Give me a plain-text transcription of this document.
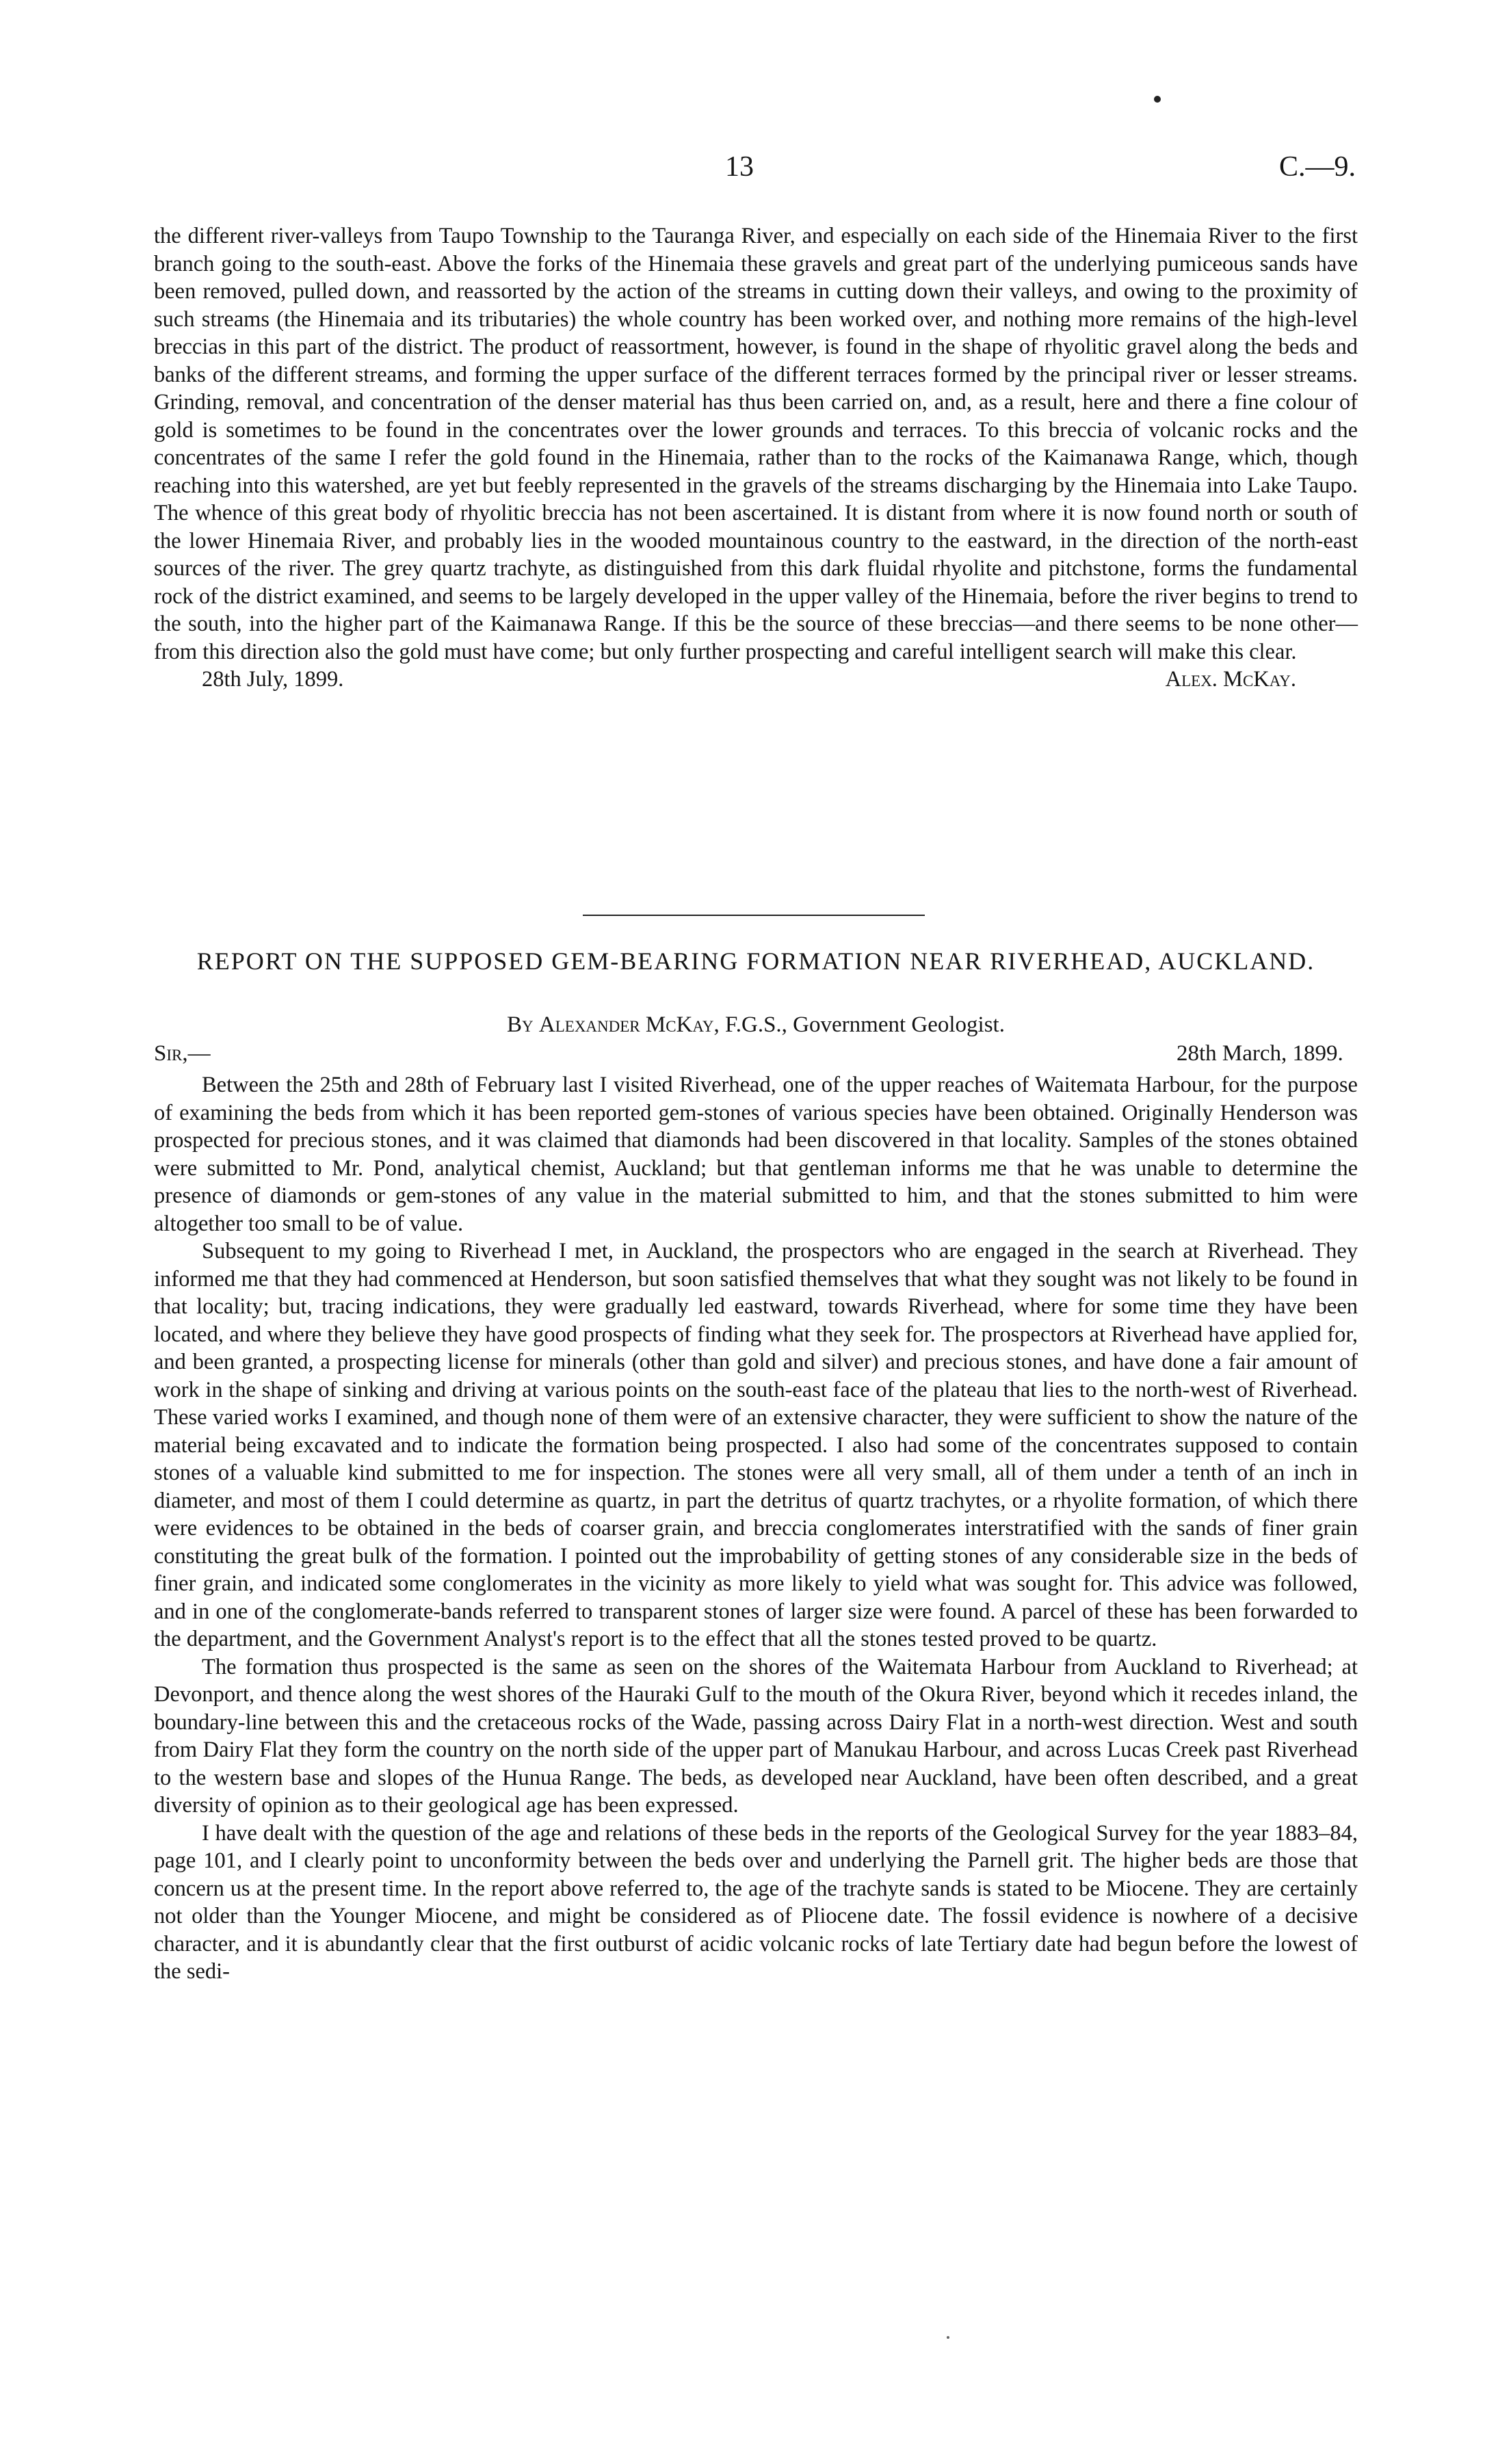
13	C.—9.

the different river-valleys from Taupo Township to the Tauranga River, and especially on each side of the Hinemaia River to the first branch going to the south-east. Above the forks of the Hinemaia these gravels and great part of the underlying pumiceous sands have been removed, pulled down, and reassorted by the action of the streams in cutting down their valleys, and owing to the proximity of such streams (the Hinemaia and its tributaries) the whole country has been worked over, and nothing more remains of the high-level breccias in this part of the district. The product of reassortment, however, is found in the shape of rhyolitic gravel along the beds and banks of the different streams, and forming the upper surface of the different terraces formed by the principal river or lesser streams. Grinding, removal, and concentration of the denser material has thus been carried on, and, as a result, here and there a fine colour of gold is sometimes to be found in the concentrates over the lower grounds and terraces. To this breccia of volcanic rocks and the concentrates of the same I refer the gold found in the Hinemaia, rather than to the rocks of the Kaimanawa Range, which, though reaching into this watershed, are yet but feebly represented in the gravels of the streams discharging by the Hinemaia into Lake Taupo. The whence of this great body of rhyolitic breccia has not been ascertained. It is distant from where it is now found north or south of the lower Hinemaia River, and probably lies in the wooded mountainous country to the eastward, in the direction of the north-east sources of the river. The grey quartz trachyte, as distinguished from this dark fluidal rhyolite and pitchstone, forms the fundamental rock of the district examined, and seems to be largely developed in the upper valley of the Hinemaia, before the river begins to trend to the south, into the higher part of the Kaimanawa Range. If this be the source of these breccias—and there seems to be none other—from this direction also the gold must have come; but only further prospecting and careful intelligent search will make this clear.

28th July, 1899.	Alex. McKay.
REPORT ON THE SUPPOSED GEM-BEARING FORMATION NEAR RIVERHEAD, AUCKLAND.
By Alexander McKay, F.G.S., Government Geologist.
Sir,—	28th March, 1899.

Between the 25th and 28th of February last I visited Riverhead, one of the upper reaches of Waitemata Harbour, for the purpose of examining the beds from which it has been reported gem-stones of various species have been obtained. Originally Henderson was prospected for precious stones, and it was claimed that diamonds had been discovered in that locality. Samples of the stones obtained were submitted to Mr. Pond, analytical chemist, Auckland; but that gentleman informs me that he was unable to determine the presence of diamonds or gem-stones of any value in the material submitted to him, and that the stones submitted to him were altogether too small to be of value.

Subsequent to my going to Riverhead I met, in Auckland, the prospectors who are engaged in the search at Riverhead. They informed me that they had commenced at Henderson, but soon satisfied themselves that what they sought was not likely to be found in that locality; but, tracing indications, they were gradually led eastward, towards Riverhead, where for some time they have been located, and where they believe they have good prospects of finding what they seek for. The prospectors at Riverhead have applied for, and been granted, a prospecting license for minerals (other than gold and silver) and precious stones, and have done a fair amount of work in the shape of sinking and driving at various points on the south-east face of the plateau that lies to the north-west of Riverhead. These varied works I examined, and though none of them were of an extensive character, they were sufficient to show the nature of the material being excavated and to indicate the formation being prospected. I also had some of the concentrates supposed to contain stones of a valuable kind submitted to me for inspection. The stones were all very small, all of them under a tenth of an inch in diameter, and most of them I could determine as quartz, in part the detritus of quartz trachytes, or a rhyolite formation, of which there were evidences to be obtained in the beds of coarser grain, and breccia conglomerates interstratified with the sands of finer grain constituting the great bulk of the formation. I pointed out the improbability of getting stones of any considerable size in the beds of finer grain, and indicated some conglomerates in the vicinity as more likely to yield what was sought for. This advice was followed, and in one of the conglomerate-bands referred to transparent stones of larger size were found. A parcel of these has been forwarded to the department, and the Government Analyst's report is to the effect that all the stones tested proved to be quartz.

The formation thus prospected is the same as seen on the shores of the Waitemata Harbour from Auckland to Riverhead; at Devonport, and thence along the west shores of the Hauraki Gulf to the mouth of the Okura River, beyond which it recedes inland, the boundary-line between this and the cretaceous rocks of the Wade, passing across Dairy Flat in a north-west direction. West and south from Dairy Flat they form the country on the north side of the upper part of Manukau Harbour, and across Lucas Creek past Riverhead to the western base and slopes of the Hunua Range. The beds, as developed near Auckland, have been often described, and a great diversity of opinion as to their geological age has been expressed.

I have dealt with the question of the age and relations of these beds in the reports of the Geological Survey for the year 1883–84, page 101, and I clearly point to unconformity between the beds over and underlying the Parnell grit. The higher beds are those that concern us at the present time. In the report above referred to, the age of the trachyte sands is stated to be Miocene. They are certainly not older than the Younger Miocene, and might be considered as of Pliocene date. The fossil evidence is nowhere of a decisive character, and it is abundantly clear that the first outburst of acidic volcanic rocks of late Tertiary date had begun before the lowest of the sedi-
